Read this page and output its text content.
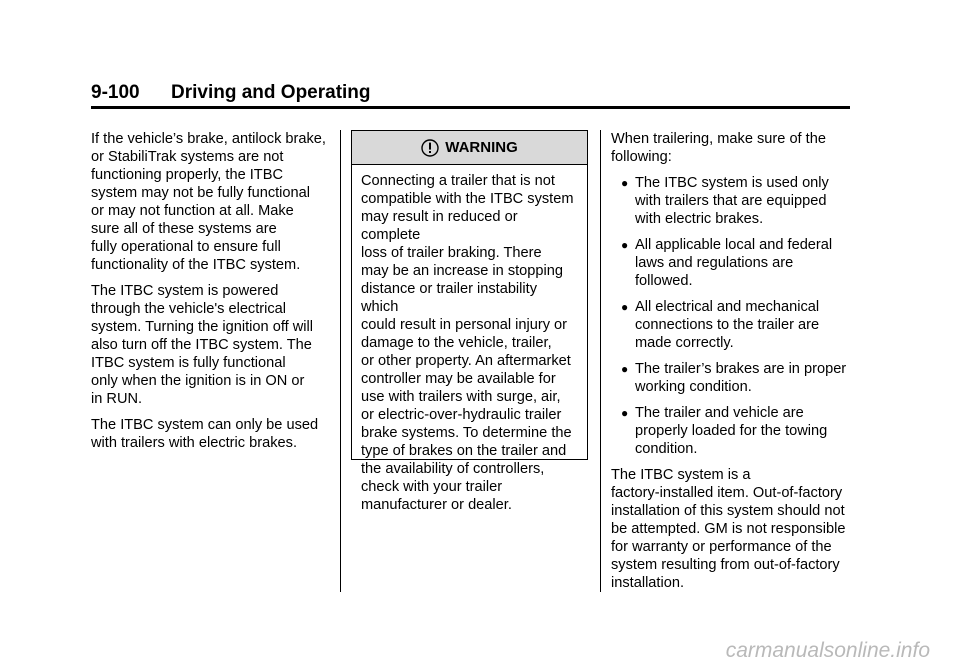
9-100 Driving and Operating

If the vehicle’s brake, antilock brake,
or StabiliTrak systems are not
functioning properly, the ITBC
system may not be fully functional
or may not function at all. Make
sure all of these systems are
fully operational to ensure full
functionality of the ITBC system.

The ITBC system is powered
through the vehicle's electrical
system. Turning the ignition off will
also turn off the ITBC system. The
ITBC system is fully functional
only when the ignition is in ON or
in RUN.

The ITBC system can only be used
with trailers with electric brakes.

WARNING
Connecting a trailer that is not
compatible with the ITBC system
may result in reduced or complete
loss of trailer braking. There
may be an increase in stopping
distance or trailer instability which
could result in personal injury or
damage to the vehicle, trailer,
or other property. An aftermarket
controller may be available for
use with trailers with surge, air,
or electric-over-hydraulic trailer
brake systems. To determine the
type of brakes on the trailer and
the availability of controllers,
check with your trailer
manufacturer or dealer.

When trailering, make sure of the
following:

● The ITBC system is used only
with trailers that are equipped
with electric brakes.
● All applicable local and federal
laws and regulations are
followed.
● All electrical and mechanical
connections to the trailer are
made correctly.
● The trailer’s brakes are in proper
working condition.
● The trailer and vehicle are
properly loaded for the towing
condition.

The ITBC system is a
factory-installed item. Out-of-factory
installation of this system should not
be attempted. GM is not responsible
for warranty or performance of the
system resulting from out-of-factory
installation.

carmanualsonline.info
